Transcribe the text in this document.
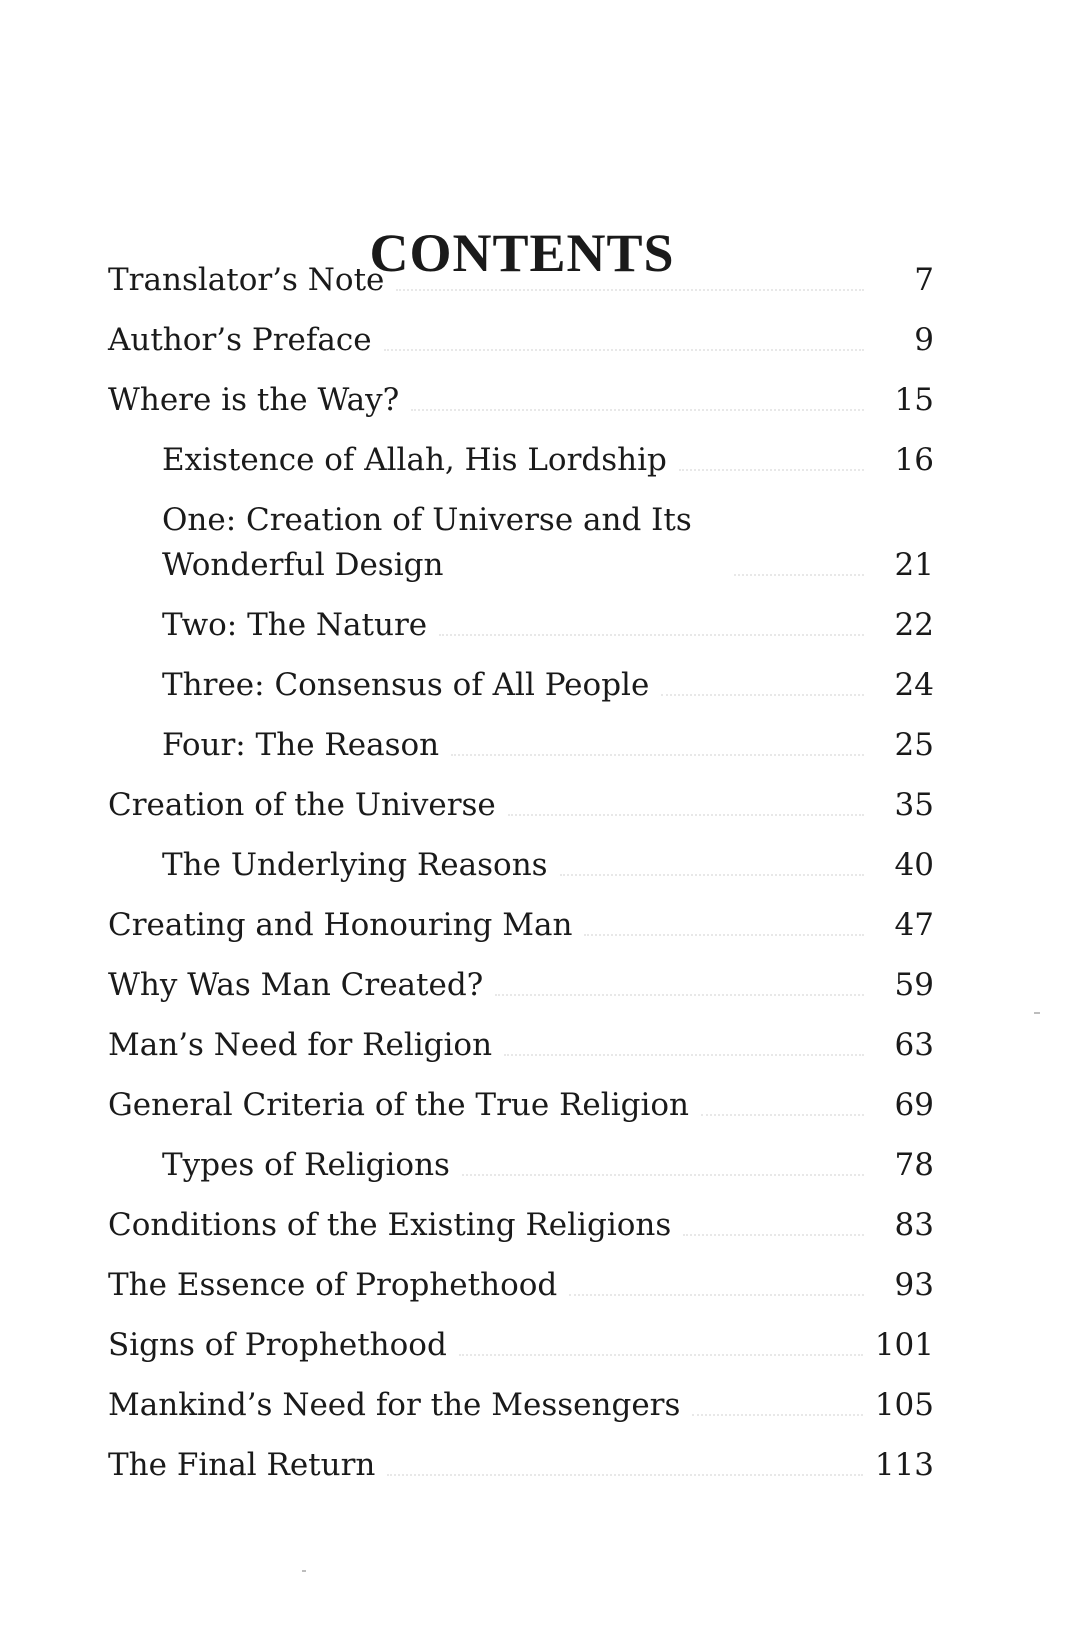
CONTENTS
Translator’s Note	7
Author’s Preface	9
Where is the Way?	15
Existence of Allah, His Lordship	16
One: Creation of Universe and Its Wonderful Design	21
Two: The Nature	22
Three: Consensus of All People	24
Four: The Reason	25
Creation of the Universe	35
The Underlying Reasons	40
Creating and Honouring Man	47
Why Was Man Created?	59
Man’s Need for Religion	63
General Criteria of the True Religion	69
Types of Religions	78
Conditions of the Existing Religions	83
The Essence of Prophethood	93
Signs of Prophethood	101
Mankind’s Need for the Messengers	105
The Final Return	113
